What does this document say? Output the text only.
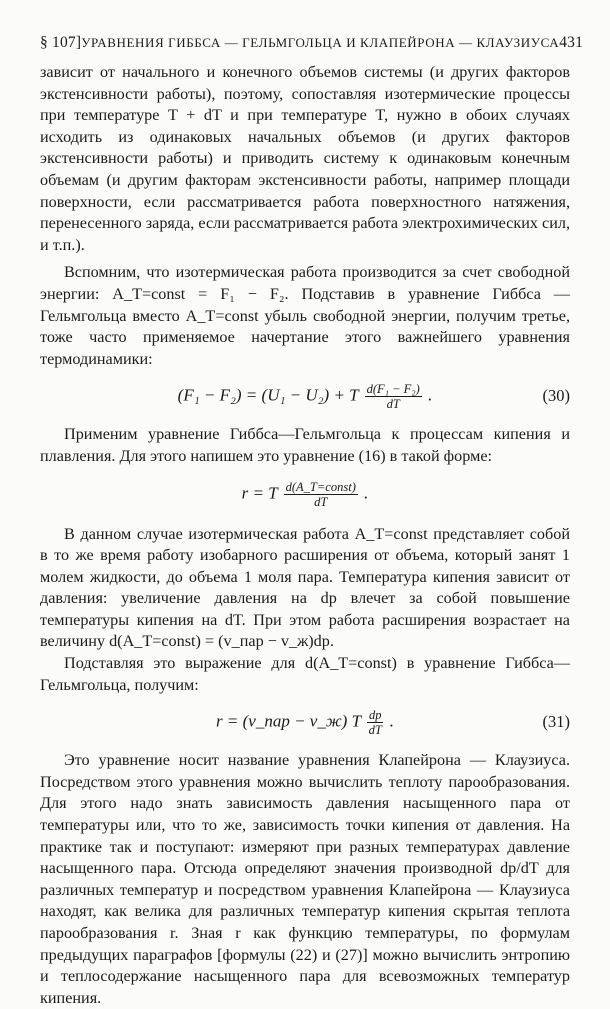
§ 107] УРАВНЕНИЯ ГИББСА — ГЕЛЬМГОЛЬЦА И КЛАПЕЙРОНА — КЛАУЗИУСА 431

зависит от начального и конечного объемов системы (и других факторов экстенсивности работы), поэтому, сопоставляя изотермические процессы при температуре T + dT и при температуре T, нужно в обоих случаях исходить из одинаковых начальных объемов (и других факторов экстенсивности работы) и приводить систему к одинаковым конечным объемам (и другим факторам экстенсивности работы, например площади поверхности, если рассматривается работа поверхностного натяжения, перенесенного заряда, если рассматривается работа электрохимических сил, и т.п.).

Вспомним, что изотермическая работа производится за счет свободной энергии: A_T=const = F₁ − F₂. Подставив в уравнение Гиббса — Гельмгольца вместо A_T=const убыль свободной энергии, получим третье, тоже часто применяемое начертание этого важнейшего уравнения термодинамики:

(F₁ − F₂) = (U₁ − U₂) + T $\frac{\text{d(F₁ − F₂)}}{dT}$ .	(30)

Применим уравнение Гиббса—Гельмгольца к процессам кипения и плавления. Для этого напишем это уравнение (16) в такой форме:

r = T $\frac{\text{d(A\_T=const)}}{dT}$ .

В данном случае изотермическая работа A_T=const представляет собой в то же время работу изобарного расширения от объема, который занят 1 молем жидкости, до объема 1 моля пара. Температура кипения зависит от давления: увеличение давления на dp влечет за собой повышение температуры кипения на dT. При этом работа расширения возрастает на величину d(A_T=const) = (v_пар − v_ж)dp.

Подставляя это выражение для d(A_T=const) в уравнение Гиббса—Гельмгольца, получим:

r = (v_пар − v_ж) T $\frac{dp}{dT}$ .	(31)

Это уравнение носит название уравнения Клапейрона — Клаузиуса. Посредством этого уравнения можно вычислить теплоту парообразования. Для этого надо знать зависимость давления насыщенного пара от температуры или, что то же, зависимость точки кипения от давления. На практике так и поступают: измеряют при разных температурах давление насыщенного пара. Отсюда определяют значения производной dp/dT для различных температур и посредством уравнения Клапейрона — Клаузиуса находят, как велика для различных температур кипения скрытая теплота парообразования r. Зная r как функцию температуры, по формулам предыдущих параграфов [формулы (22) и (27)] можно вычислить энтропию и теплосодержание насыщенного пара для всевозможных температур кипения.
